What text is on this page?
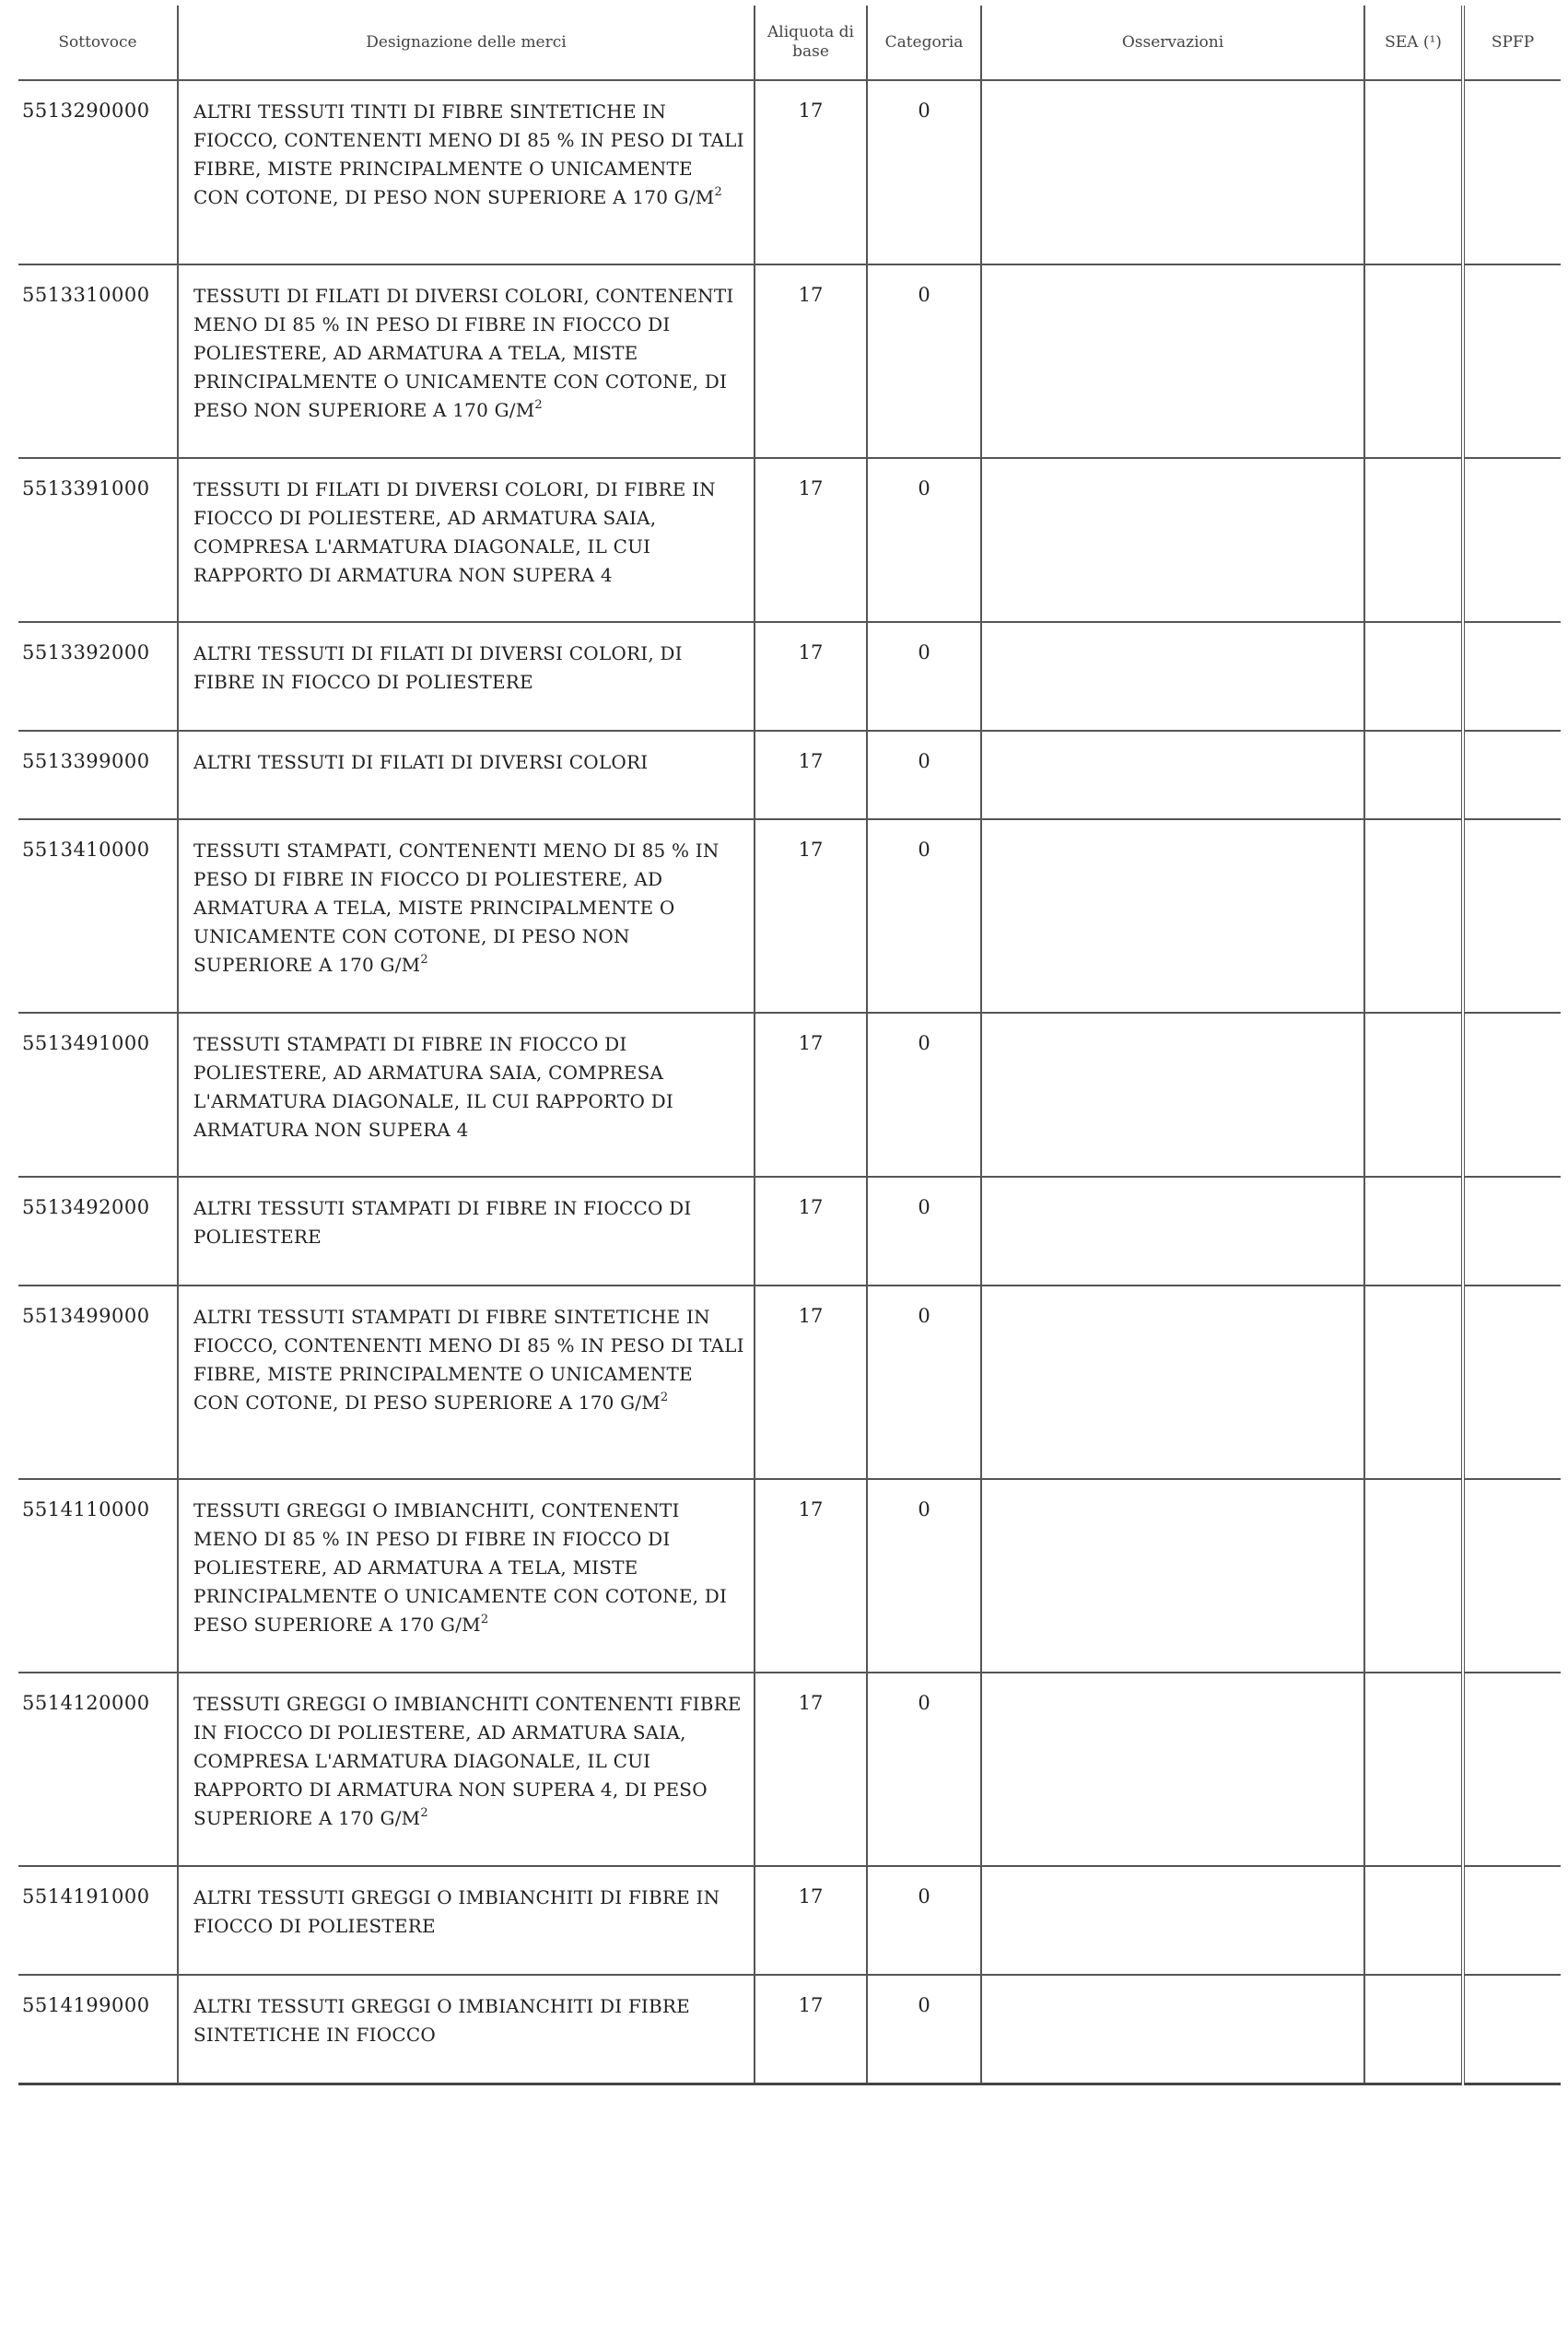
Sottovoce	Designazione delle merci	Aliquota di base	Categoria	Osservazioni	SEA (¹)	SPFP
5513290000	ALTRI TESSUTI TINTI DI FIBRE SINTETICHE IN FIOCCO, CONTENENTI MENO DI 85 % IN PESO DI TALI FIBRE, MISTE PRINCIPALMENTE O UNICAMENTE CON COTONE, DI PESO NON SUPERIORE A 170 $G/M^2$	17	0			
5513310000	TESSUTI DI FILATI DI DIVERSI COLORI, CONTENENTI MENO DI 85 % IN PESO DI FIBRE IN FIOCCO DI POLIESTERE, AD ARMATURA A TELA, MISTE PRINCIPALMENTE O UNICAMENTE CON COTONE, DI PESO NON SUPERIORE A 170 $G/M^2$	17	0			
5513391000	TESSUTI DI FILATI DI DIVERSI COLORI, DI FIBRE IN FIOCCO DI POLIESTERE, AD ARMATURA SAIA, COMPRESA L'ARMATURA DIAGONALE, IL CUI RAPPORTO DI ARMATURA NON SUPERA 4	17	0			
5513392000	ALTRI TESSUTI DI FILATI DI DIVERSI COLORI, DI FIBRE IN FIOCCO DI POLIESTERE	17	0			
5513399000	ALTRI TESSUTI DI FILATI DI DIVERSI COLORI	17	0			
5513410000	TESSUTI STAMPATI, CONTENENTI MENO DI 85 % IN PESO DI FIBRE IN FIOCCO DI POLIESTERE, AD ARMATURA A TELA, MISTE PRINCIPALMENTE O UNICAMENTE CON COTONE, DI PESO NON SUPERIORE A 170 $G/M^2$	17	0			
5513491000	TESSUTI STAMPATI DI FIBRE IN FIOCCO DI POLIESTERE, AD ARMATURA SAIA, COMPRESA L'ARMATURA DIAGONALE, IL CUI RAPPORTO DI ARMATURA NON SUPERA 4	17	0			
5513492000	ALTRI TESSUTI STAMPATI DI FIBRE IN FIOCCO DI POLIESTERE	17	0			
5513499000	ALTRI TESSUTI STAMPATI DI FIBRE SINTETICHE IN FIOCCO, CONTENENTI MENO DI 85 % IN PESO DI TALI FIBRE, MISTE PRINCIPALMENTE O UNICAMENTE CON COTONE, DI PESO SUPERIORE A 170 $G/M^2$	17	0			
5514110000	TESSUTI GREGGI O IMBIANCHITI, CONTENENTI MENO DI 85 % IN PESO DI FIBRE IN FIOCCO DI POLIESTERE, AD ARMATURA A TELA, MISTE PRINCIPALMENTE O UNICAMENTE CON COTONE, DI PESO SUPERIORE A 170 $G/M^2$	17	0			
5514120000	TESSUTI GREGGI O IMBIANCHITI CONTENENTI FIBRE IN FIOCCO DI POLIESTERE, AD ARMATURA SAIA, COMPRESA L'ARMATURA DIAGONALE, IL CUI RAPPORTO DI ARMATURA NON SUPERA 4, DI PESO SUPERIORE A 170 $G/M^2$	17	0			
5514191000	ALTRI TESSUTI GREGGI O IMBIANCHITI DI FIBRE IN FIOCCO DI POLIESTERE	17	0			
5514199000	ALTRI TESSUTI GREGGI O IMBIANCHITI DI FIBRE SINTETICHE IN FIOCCO	17	0			
